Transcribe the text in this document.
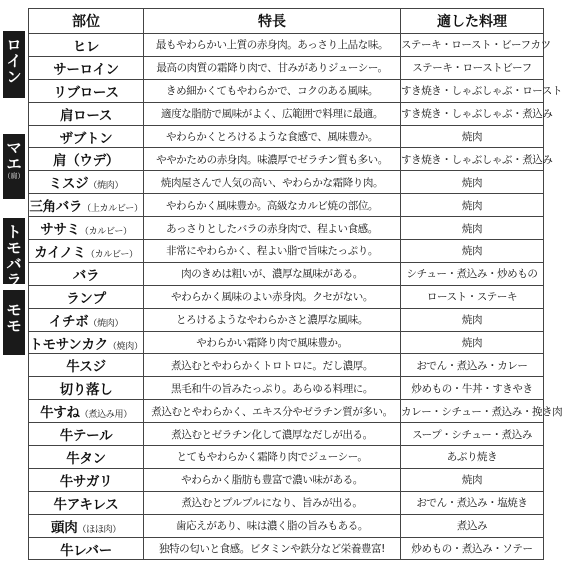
ロ
イ
ン
マ
エ
（肩）
ト
モ
バ
ラ
モ
モ
部位	特長	適した料理
ヒレ	最もやわらかい上質の赤身肉。あっさり上品な味。	ステーキ・ロースト・ビーフカツ
サーロイン	最高の肉質の霜降り肉で、甘みがありジューシー。	ステーキ・ローストビーフ
リブロース	きめ細かくてもやわらかで、コクのある風味。	すき焼き・しゃぶしゃぶ・ロースト
肩ロース	適度な脂肪で風味がよく、広範囲で料理に最適。	すき焼き・しゃぶしゃぶ・煮込み
ザブトン	やわらかくとろけるような食感で、風味豊か。	焼肉
肩（ウデ）	ややかための赤身肉。味濃厚でゼラチン質も多い。	すき焼き・しゃぶしゃぶ・煮込み
ミスジ（焼肉）	焼肉屋さんで人気の高い、やわらかな霜降り肉。	焼肉
三角バラ（上カルビー）	やわらかく風味豊か。高級なカルビ焼の部位。	焼肉
ササミ（カルビー）	あっさりとしたバラの赤身肉で、程よい食感。	焼肉
カイノミ（カルビー）	非常にやわらかく、程よい脂で旨味たっぷり。	焼肉
バラ	肉のきめは粗いが、濃厚な風味がある。	シチュー・煮込み・炒めもの
ランプ	やわらかく風味のよい赤身肉。クセがない。	ロースト・ステーキ
イチボ（焼肉）	とろけるようなやわらかさと濃厚な風味。	焼肉
トモサンカク（焼肉）	やわらかい霜降り肉で風味豊か。	焼肉
牛スジ	煮込むとやわらかくトロトロに。だし濃厚。	おでん・煮込み・カレー
切り落し	黒毛和牛の旨みたっぷり。あらゆる料理に。	炒めもの・牛丼・すきやき
牛すね（煮込み用）	煮込むとやわらかく、エキス分やゼラチン質が多い。	カレー・シチュー・煮込み・挽き肉
牛テール	煮込むとゼラチン化して濃厚なだしが出る。	スープ・シチュー・煮込み
牛タン	とてもやわらかく霜降り肉でジューシー。	あぶり焼き
牛サガリ	やわらかく脂肪も豊富で濃い味がある。	焼肉
牛アキレス	煮込むとプルプルになり、旨みが出る。	おでん・煮込み・塩焼き
頭肉（ほほ肉）	歯応えがあり、味は濃く脂の旨みもある。	煮込み
牛レバー	独特の匂いと食感。ビタミンや鉄分など栄養豊富!	炒めもの・煮込み・ソテー
